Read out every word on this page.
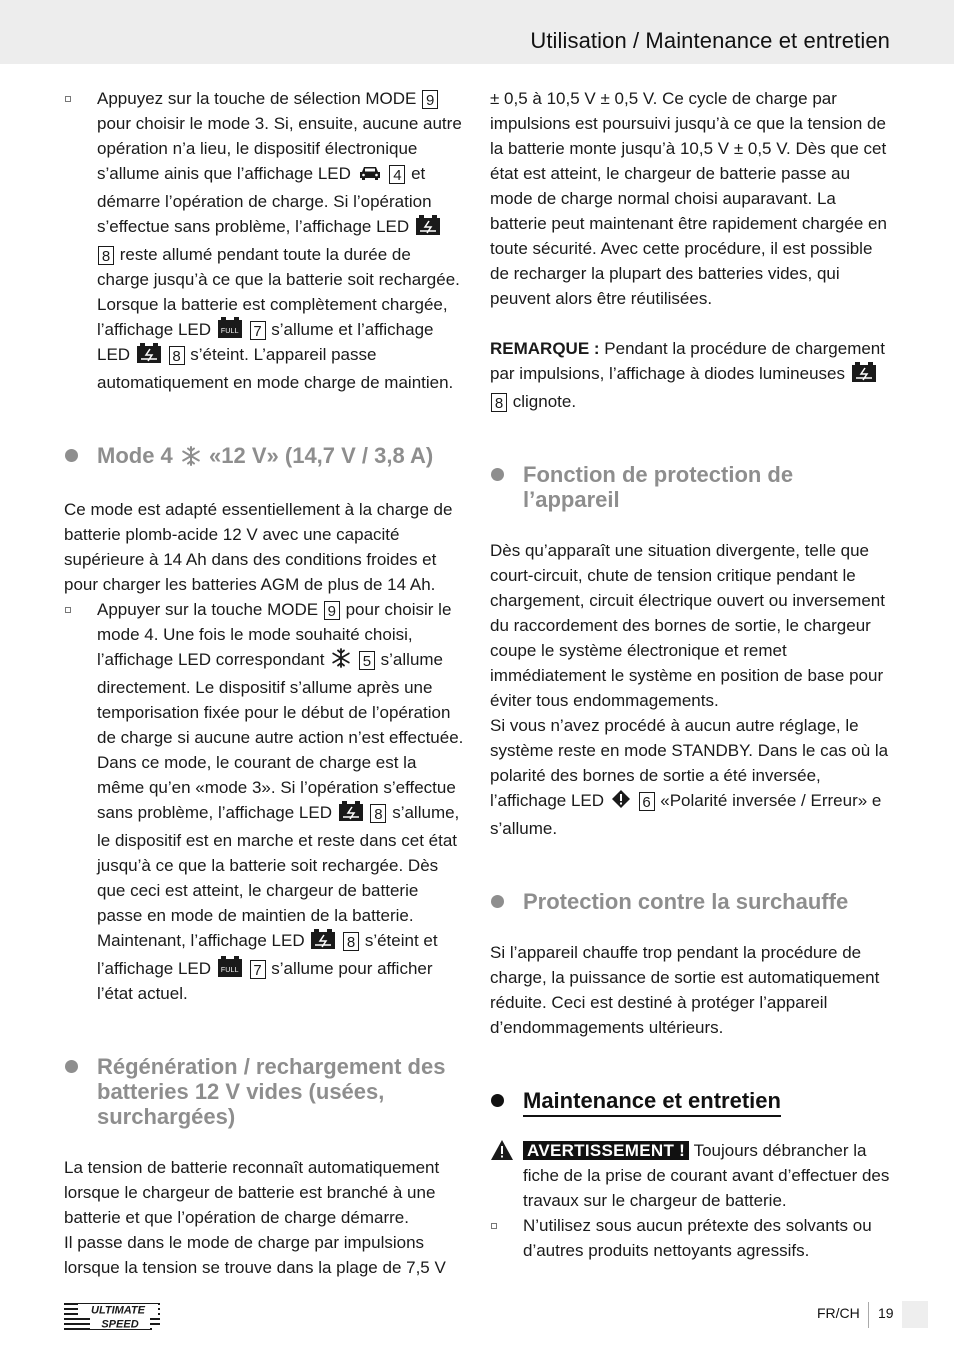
Utilisation / Maintenance et entretien
Appuyez sur la touche de sélection MODE 9 pour choisir le mode 3. Si, ensuite, aucune autre opération n’a lieu, le dispositif électronique s’allume ainis que l’affichage LED	4 et démarre l’opération de charge. Si l’opération s’effectue sans problème, l’affichage LED  8 reste allumé pendant toute la durée de charge jusqu’à ce que la batterie soit rechargée. Lorsque la batterie est complètement chargée, l’affichage LED	FULL 7 s’allume et l’affichage LED	8 s’éteint. L’appareil passe automatiquement en mode charge de maintien.
Mode 4 «12 V» (14,7 V / 3,8 A)

Ce mode est adapté essentiellement à la charge de batterie plomb-acide 12 V avec une capacité supérieure à 14 Ah dans des conditions froides et pour charger les batteries AGM de plus de 14 Ah.

Appuyer sur la touche MODE 9 pour choisir le mode 4. Une fois le mode souhaité choisi, l’affichage LED correspondant	5 s’allume directement. Le dispositif s’allume après une temporisation fixée pour le début de l’opération de charge si aucune autre action n’est effectuée. Dans ce mode, le courant de charge est la même qu’en «mode 3». Si l’opération s’effectue sans problème, l’affichage LED	8 s’allume, le dispositif est en marche et reste dans cet état jusqu’à ce que la batterie soit rechargée. Dès que ceci est atteint, le chargeur de batterie passe en mode de maintien de la batterie. Maintenant, l’affichage LED	8 s’éteint et l’affichage LED	FULL 7 s’allume pour afficher l’état actuel.
Régénération / rechargement des batteries 12 V vides (usées, surchargées)

La tension de batterie reconnaît automatiquement lorsque le chargeur de batterie est branché à une batterie et que l’opération de charge démarre.

Il passe dans le mode de charge par impulsions lorsque la tension se trouve dans la plage de 7,5 V

± 0,5 à 10,5 V ± 0,5 V. Ce cycle de charge par impulsions est poursuivi jusqu’à ce que la tension de la batterie monte jusqu’à 10,5 V ± 0,5 V. Dès que cet état est atteint, le chargeur de batterie passe au mode de charge normal choisi auparavant. La batterie peut maintenant être rapidement chargée en toute sécurité. Avec cette procédure, il est possible de recharger la plupart des batteries vides, qui peuvent alors être réutilisées.

REMARQUE : Pendant la procédure de chargement par impulsions, l’affichage à diodes lumineuses  8 clignote.

Fonction de protection de l’appareil

Dès qu’apparaît une situation divergente, telle que court-circuit, chute de tension critique pendant le chargement, circuit électrique ouvert ou inversement du raccordement des bornes de sortie, le chargeur coupe le système électronique et remet immédiatement le système en position de base pour éviter tous endommagements.

Si vous n’avez procédé à aucun autre réglage, le système reste en mode STANDBY. Dans le cas où la polarité des bornes de sortie a été inversée, l’affichage LED	6 «Polarité inversée / Erreur» e s’allume.

Protection contre la surchauffe

Si l’appareil chauffe trop pendant la procédure de charge, la puissance de sortie est automatiquement réduite. Ceci est destiné à protéger l’appareil d’endommagements ultérieurs.

Maintenance et entretien
AVERTISSEMENT ! Toujours débrancher la fiche de la prise de courant avant d’effectuer des travaux sur le chargeur de batterie.
N’utilisez sous aucun prétexte des solvants ou d’autres produits nettoyants agressifs.
ULTIMATE
SPEED
FR/CH 19
